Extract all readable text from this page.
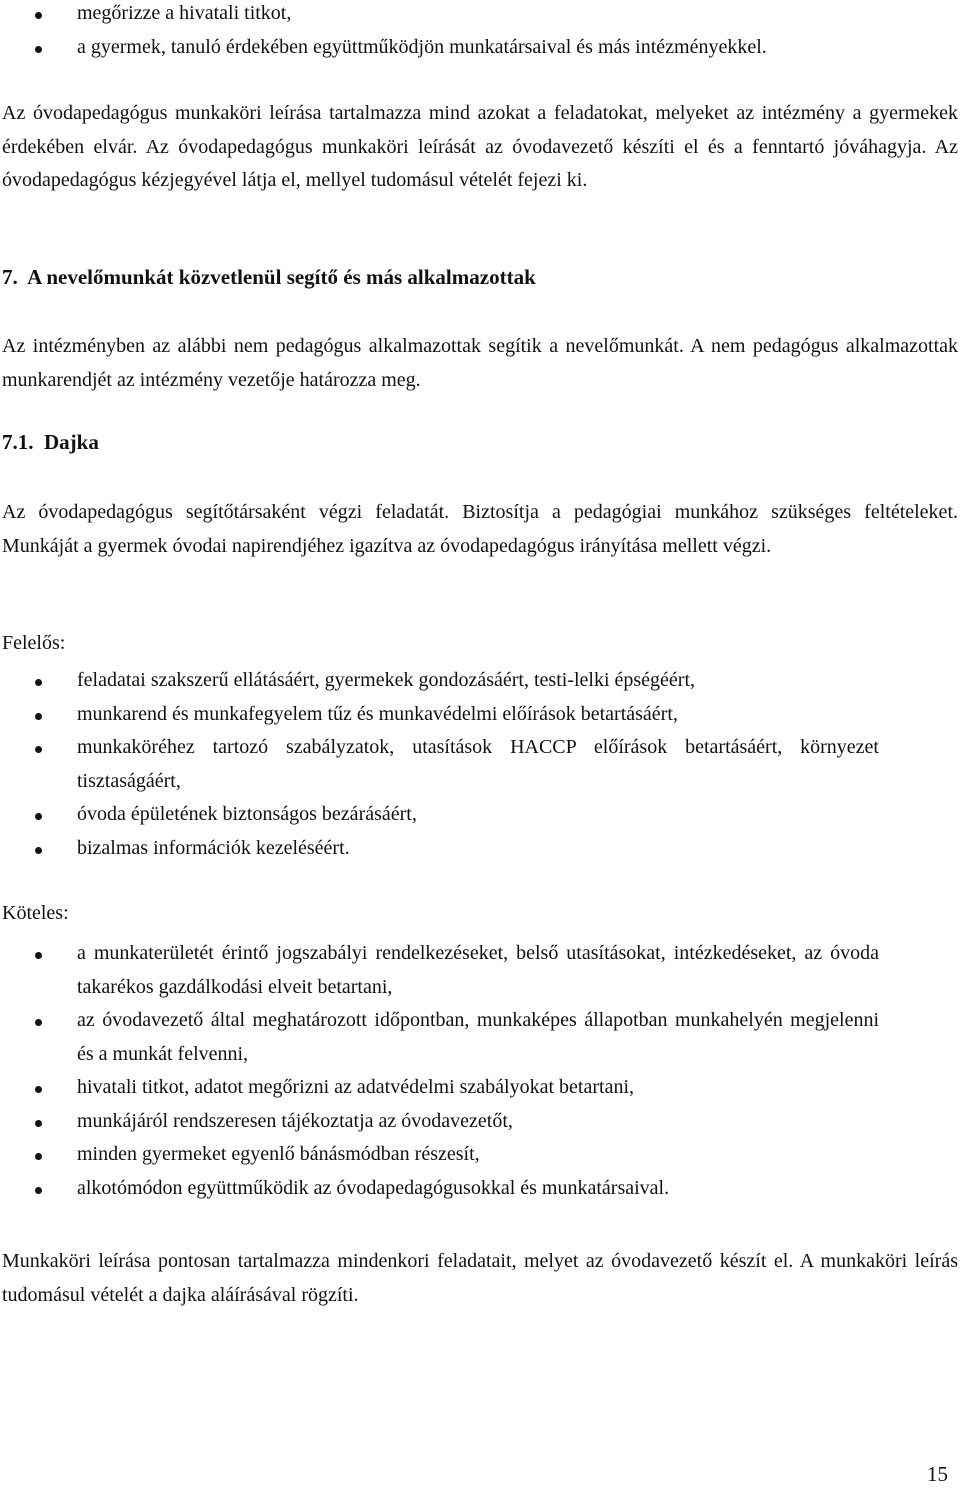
megőrizze a hivatali titkot,
a gyermek, tanuló érdekében együttműködjön munkatársaival és más intézményekkel.

Az óvodapedagógus munkaköri leírása tartalmazza mind azokat a feladatokat, melyeket az intézmény a gyermekek érdekében elvár. Az óvodapedagógus munkaköri leírását az óvodavezető készíti el és a fenntartó jóváhagyja. Az óvodapedagógus kézjegyével látja el, mellyel tudomásul vételét fejezi ki.

7.  A nevelőmunkát közvetlenül segítő és más alkalmazottak

Az intézményben az alábbi nem pedagógus alkalmazottak segítik a nevelőmunkát. A nem pedagógus alkalmazottak munkarendjét az intézmény vezetője határozza meg.

7.1.  Dajka

Az óvodapedagógus segítőtársaként végzi feladatát. Biztosítja a pedagógiai munkához szükséges feltételeket. Munkáját a gyermek óvodai napirendjéhez igazítva az óvodapedagógus irányítása mellett végzi.

Felelős:

feladatai szakszerű ellátásáért, gyermekek gondozásáért, testi-lelki épségéért,
munkarend és munkafegyelem tűz és munkavédelmi előírások betartásáért,
munkaköréhez tartozó szabályzatok, utasítások HACCP előírások betartásáért, környezet tisztaságáért,
óvoda épületének biztonságos bezárásáért,
bizalmas információk kezeléséért.

Köteles:

a munkaterületét érintő jogszabályi rendelkezéseket, belső utasításokat, intézkedéseket, az óvoda takarékos gazdálkodási elveit betartani,
az óvodavezető által meghatározott időpontban, munkaképes állapotban munkahelyén megjelenni és a munkát felvenni,
hivatali titkot, adatot megőrizni az adatvédelmi szabályokat betartani,
munkájáról rendszeresen tájékoztatja az óvodavezetőt,
minden gyermeket egyenlő bánásmódban részesít,
alkotómódon együttműködik az óvodapedagógusokkal és munkatársaival.

Munkaköri leírása pontosan tartalmazza mindenkori feladatait, melyet az óvodavezető készít el. A munkaköri leírás tudomásul vételét a dajka aláírásával rögzíti.

15
